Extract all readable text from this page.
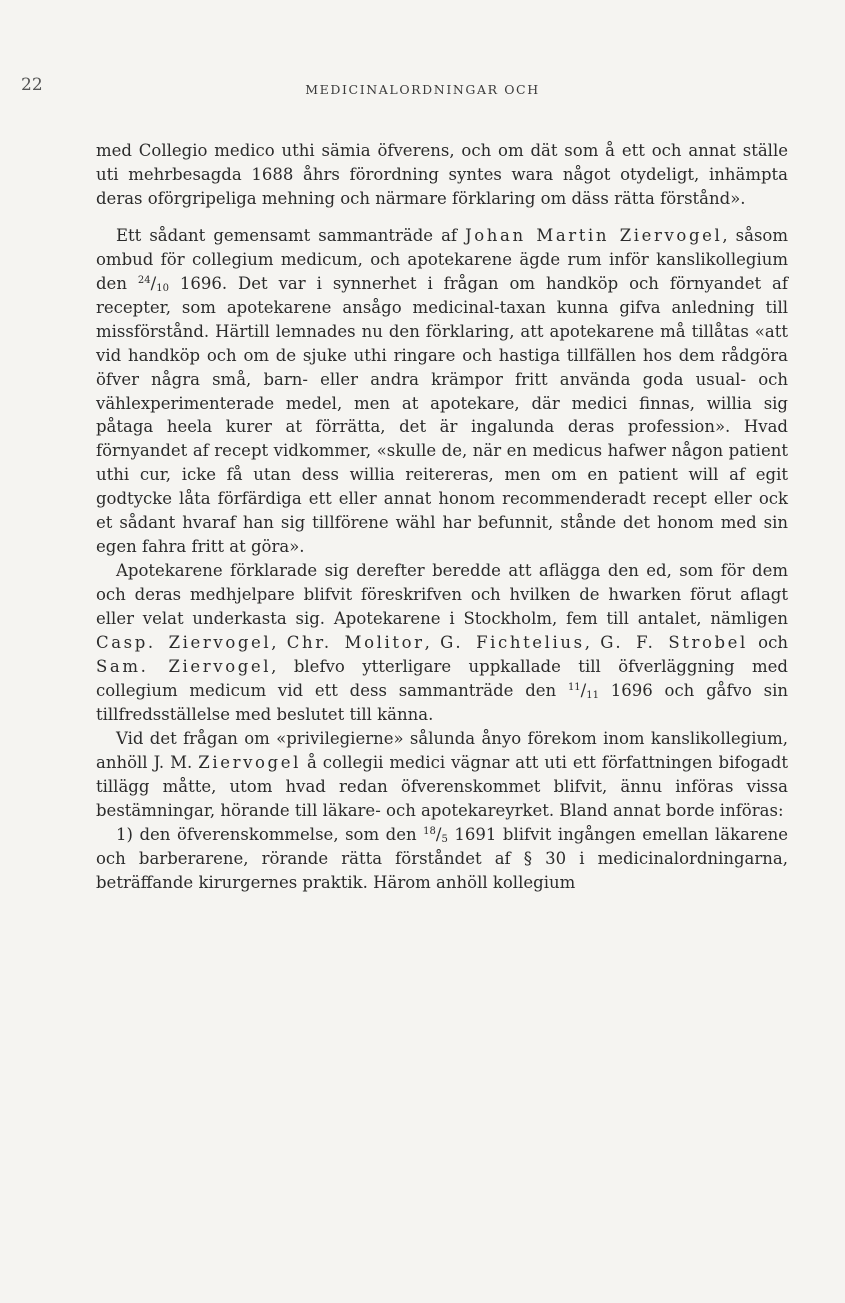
22	MEDICINALORDNINGAR OCH

med Collegio medico uthi sämia öfverens, och om dät som å ett och annat ställe uti mehrbesagda 1688 åhrs förordning syntes wara något otydeligt, inhämpta deras oförgripeliga mehning och närmare förklaring om däss rätta förstånd».

Ett sådant gemensamt sammanträde af Johan Martin Ziervogel, såsom ombud för collegium medicum, och apotekarene ägde rum inför kanslikollegium den $^{24}/_{10}$ 1696. Det var i synnerhet i frågan om handköp och förnyandet af recepter, som apotekarene ansågo medicinal-taxan kunna gifva anledning till missförstånd. Härtill lemnades nu den förklaring, att apotekarene må tillåtas «att vid handköp och om de sjuke uthi ringare och hastiga tillfällen hos dem rådgöra öfver några små, barn- eller andra krämpor fritt använda goda usual- och vählexperimenterade medel, men at apotekare, där medici finnas, willia sig påtaga heela kurer at förrätta, det är ingalunda deras profession». Hvad förnyandet af recept vidkommer, «skulle de, när en medicus hafwer någon patient uthi cur, icke få utan dess willia reitereras, men om en patient will af egit godtycke låta förfärdiga ett eller annat honom recommenderadt recept eller ock et sådant hvaraf han sig tillförene wähl har befunnit, stånde det honom med sin egen fahra fritt at göra».

Apotekarene förklarade sig derefter beredde att aflägga den ed, som för dem och deras medhjelpare blifvit föreskrifven och hvilken de hwarken förut aflagt eller velat underkasta sig. Apotekarene i Stockholm, fem till antalet, nämligen Casp. Ziervogel, Chr. Molitor, G. Fichtelius, G. F. Strobel och Sam. Ziervogel, blefvo ytterligare uppkallade till öfverläggning med collegium medicum vid ett dess sammanträde den $^{11}/_{11}$ 1696 och gåfvo sin tillfredsställelse med beslutet till känna.

Vid det frågan om «privilegierne» sålunda ånyo förekom inom kanslikollegium, anhöll J. M. Ziervogel å collegii medici vägnar att uti ett författningen bifogadt tillägg måtte, utom hvad redan öfverenskommet blifvit, ännu införas vissa bestämningar, hörande till läkare- och apotekareyrket. Bland annat borde införas:

1) den öfverenskommelse, som den $^{18}/_5$ 1691 blifvit ingången emellan läkarene och barberarene, rörande rätta förståndet af § 30 i medicinalordningarna, beträffande kirurgernes praktik. Härom anhöll kollegium
